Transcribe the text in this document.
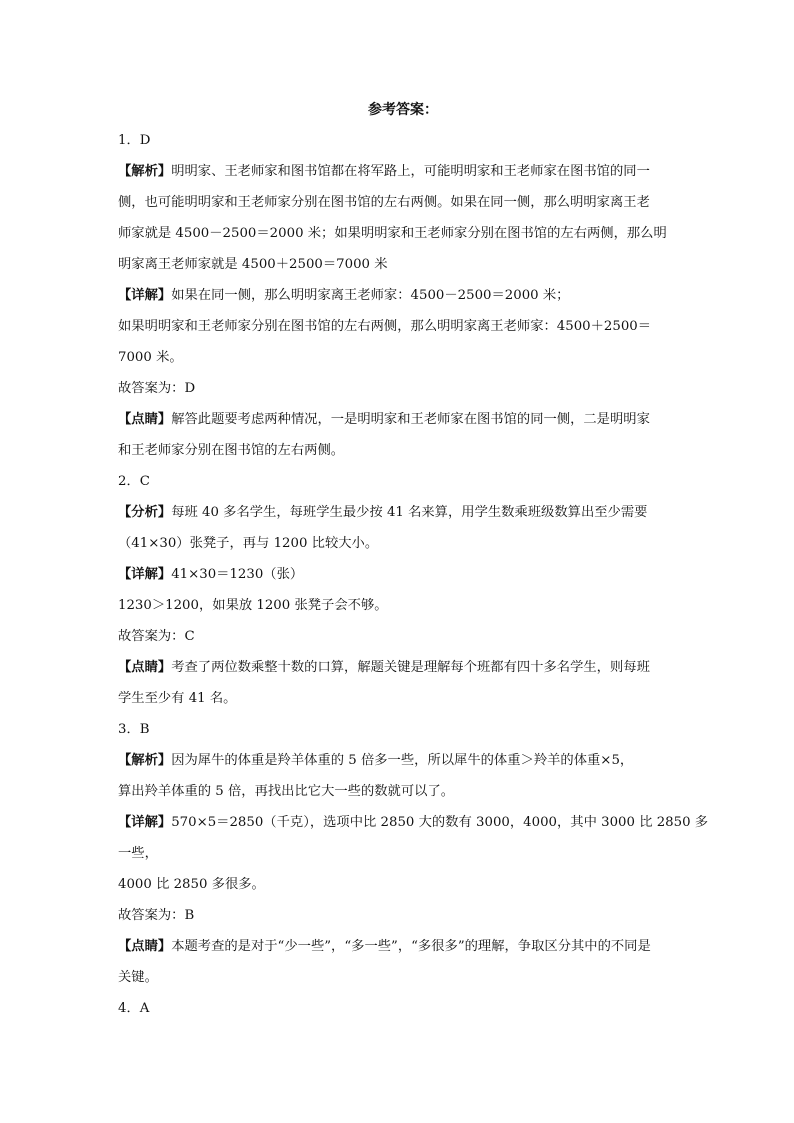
参考答案：
1．D
【解析】明明家、王老师家和图书馆都在将军路上，可能明明家和王老师家在图书馆的同一
侧，也可能明明家和王老师家分别在图书馆的左右两侧。如果在同一侧，那么明明家离王老
师家就是 4500－2500＝2000 米；如果明明家和王老师家分别在图书馆的左右两侧，那么明
明家离王老师家就是 4500＋2500＝7000 米
【详解】如果在同一侧，那么明明家离王老师家：4500－2500＝2000 米；
如果明明家和王老师家分别在图书馆的左右两侧，那么明明家离王老师家：4500＋2500＝
7000 米。
故答案为：D
【点睛】解答此题要考虑两种情况，一是明明家和王老师家在图书馆的同一侧，二是明明家
和王老师家分别在图书馆的左右两侧。
2．C
【分析】每班 40 多名学生，每班学生最少按 41 名来算，用学生数乘班级数算出至少需要
（41×30）张凳子，再与 1200 比较大小。
【详解】41×30＝1230（张）
1230＞1200，如果放 1200 张凳子会不够。
故答案为：C
【点睛】考查了两位数乘整十数的口算，解题关键是理解每个班都有四十多名学生，则每班
学生至少有 41 名。
3．B
【解析】因为犀牛的体重是羚羊体重的 5 倍多一些，所以犀牛的体重＞羚羊的体重×5，
算出羚羊体重的 5 倍，再找出比它大一些的数就可以了。
【详解】570×5＝2850（千克），选项中比 2850 大的数有 3000，4000，其中 3000 比 2850 多
一些，
4000 比 2850 多很多。
故答案为：B
【点睛】本题考查的是对于“少一些”，“多一些”，“多很多”的理解，争取区分其中的不同是
关键。
4．A
